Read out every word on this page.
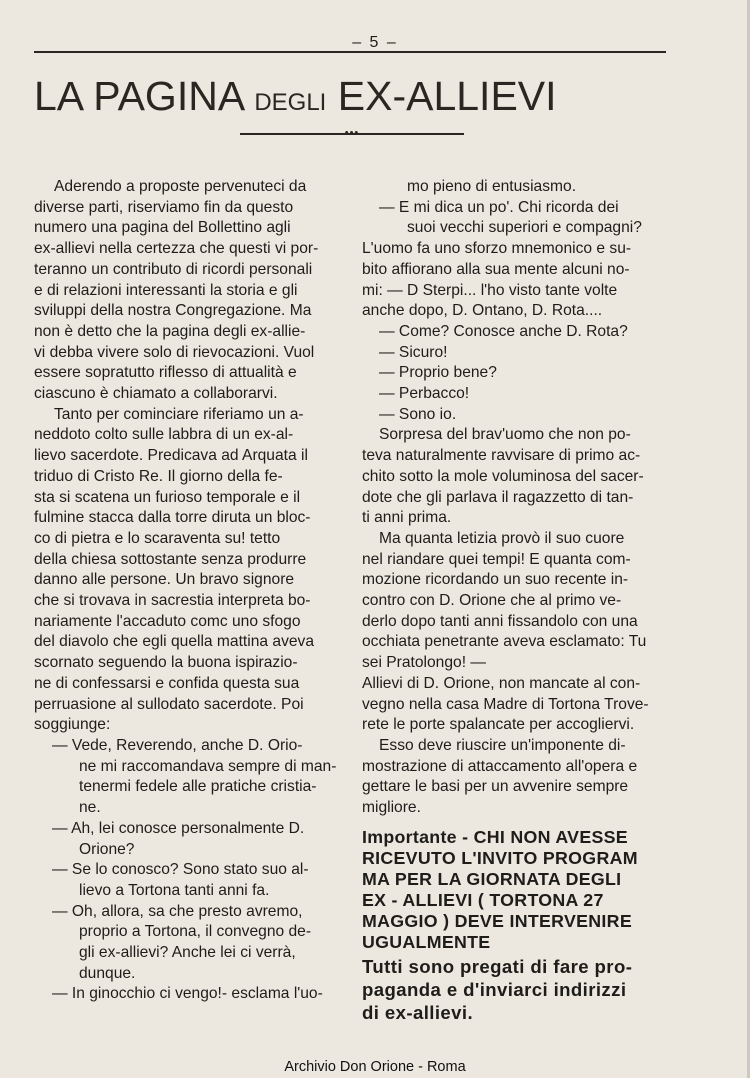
– 5 –
LA PAGINA DEGLI EX-ALLIEVI
•••

Aderendo a proposte pervenuteci da

diverse parti, riserviamo fin da questo

numero una pagina del Bollettino agli

ex-allievi nella certezza che questi vi por-

teranno un contributo di ricordi personali

e di relazioni interessanti la storia e gli

sviluppi della nostra Congregazione. Ma

non è detto che la pagina degli ex-allie-

vi debba vivere solo di rievocazioni. Vuol

essere sopratutto riflesso di attualità e

ciascuno è chiamato a collaborarvi.

Tanto per cominciare riferiamo un a-

neddoto colto sulle labbra di un ex-al-

lievo sacerdote. Predicava ad Arquata il

triduo di Cristo Re. Il giorno della fe-

sta si scatena un furioso temporale e il

fulmine stacca dalla torre diruta un bloc-

co di pietra e lo scaraventa su! tetto

della chiesa sottostante senza produrre

danno alle persone. Un bravo signore

che si trovava in sacrestia interpreta bo-

nariamente l'accaduto comc uno sfogo

del diavolo che egli quella mattina aveva

scornato seguendo la buona ispirazio-

ne di confessarsi e confida questa sua

perruasione al sullodato sacerdote. Poi

soggiunge:

— Vede, Reverendo, anche D. Orio-

ne mi raccomandava sempre di man-

tenermi fedele alle pratiche cristia-

ne.

— Ah, lei conosce personalmente D.

Orione?

— Se lo conosco? Sono stato suo al-

lievo a Tortona tanti anni fa.

— Oh, allora, sa che presto avremo,

proprio a Tortona, il convegno de-

gli ex-allievi? Anche lei ci verrà,

dunque.

— In ginocchio ci vengo!- esclama l'uo-

mo pieno di entusiasmo.

— E mi dica un po'. Chi ricorda dei

suoi vecchi superiori e compagni?

L'uomo fa uno sforzo mnemonico e su-

bito affiorano alla sua mente alcuni no-

mi: — D Sterpi... l'ho visto tante volte

anche dopo, D. Ontano, D. Rota....

— Come? Conosce anche D. Rota?

— Sicuro!

— Proprio bene?

— Perbacco!

— Sono io.

Sorpresa del brav'uomo che non po-

teva naturalmente ravvisare di primo ac-

chito sotto la mole voluminosa del sacer-

dote che gli parlava il ragazzetto di tan-

ti anni prima.

Ma quanta letizia provò il suo cuore

nel riandare quei tempi! E quanta com-

mozione ricordando un suo recente in-

contro con D. Orione che al primo ve-

derlo dopo tanti anni fissandolo con una

occhiata penetrante aveva esclamato: Tu

sei Pratolongo! —

Allievi di D. Orione, non mancate al con-

vegno nella casa Madre di Tortona Trove-

rete le porte spalancate per accogliervi.

Esso deve riuscire un'imponente di-

mostrazione di attaccamento all'opera e

gettare le basi per un avvenire sempre

migliore.

Importante - CHI NON AVESSE

RICEVUTO L'INVITO PROGRAM

MA PER LA GIORNATA DEGLI

EX - ALLIEVI ( TORTONA 27

MAGGIO ) DEVE INTERVENIRE

UGUALMENTE

Tutti sono pregati di fare pro-

paganda e d'inviarci indirizzi

di ex-allievi.

Archivio Don Orione - Roma
